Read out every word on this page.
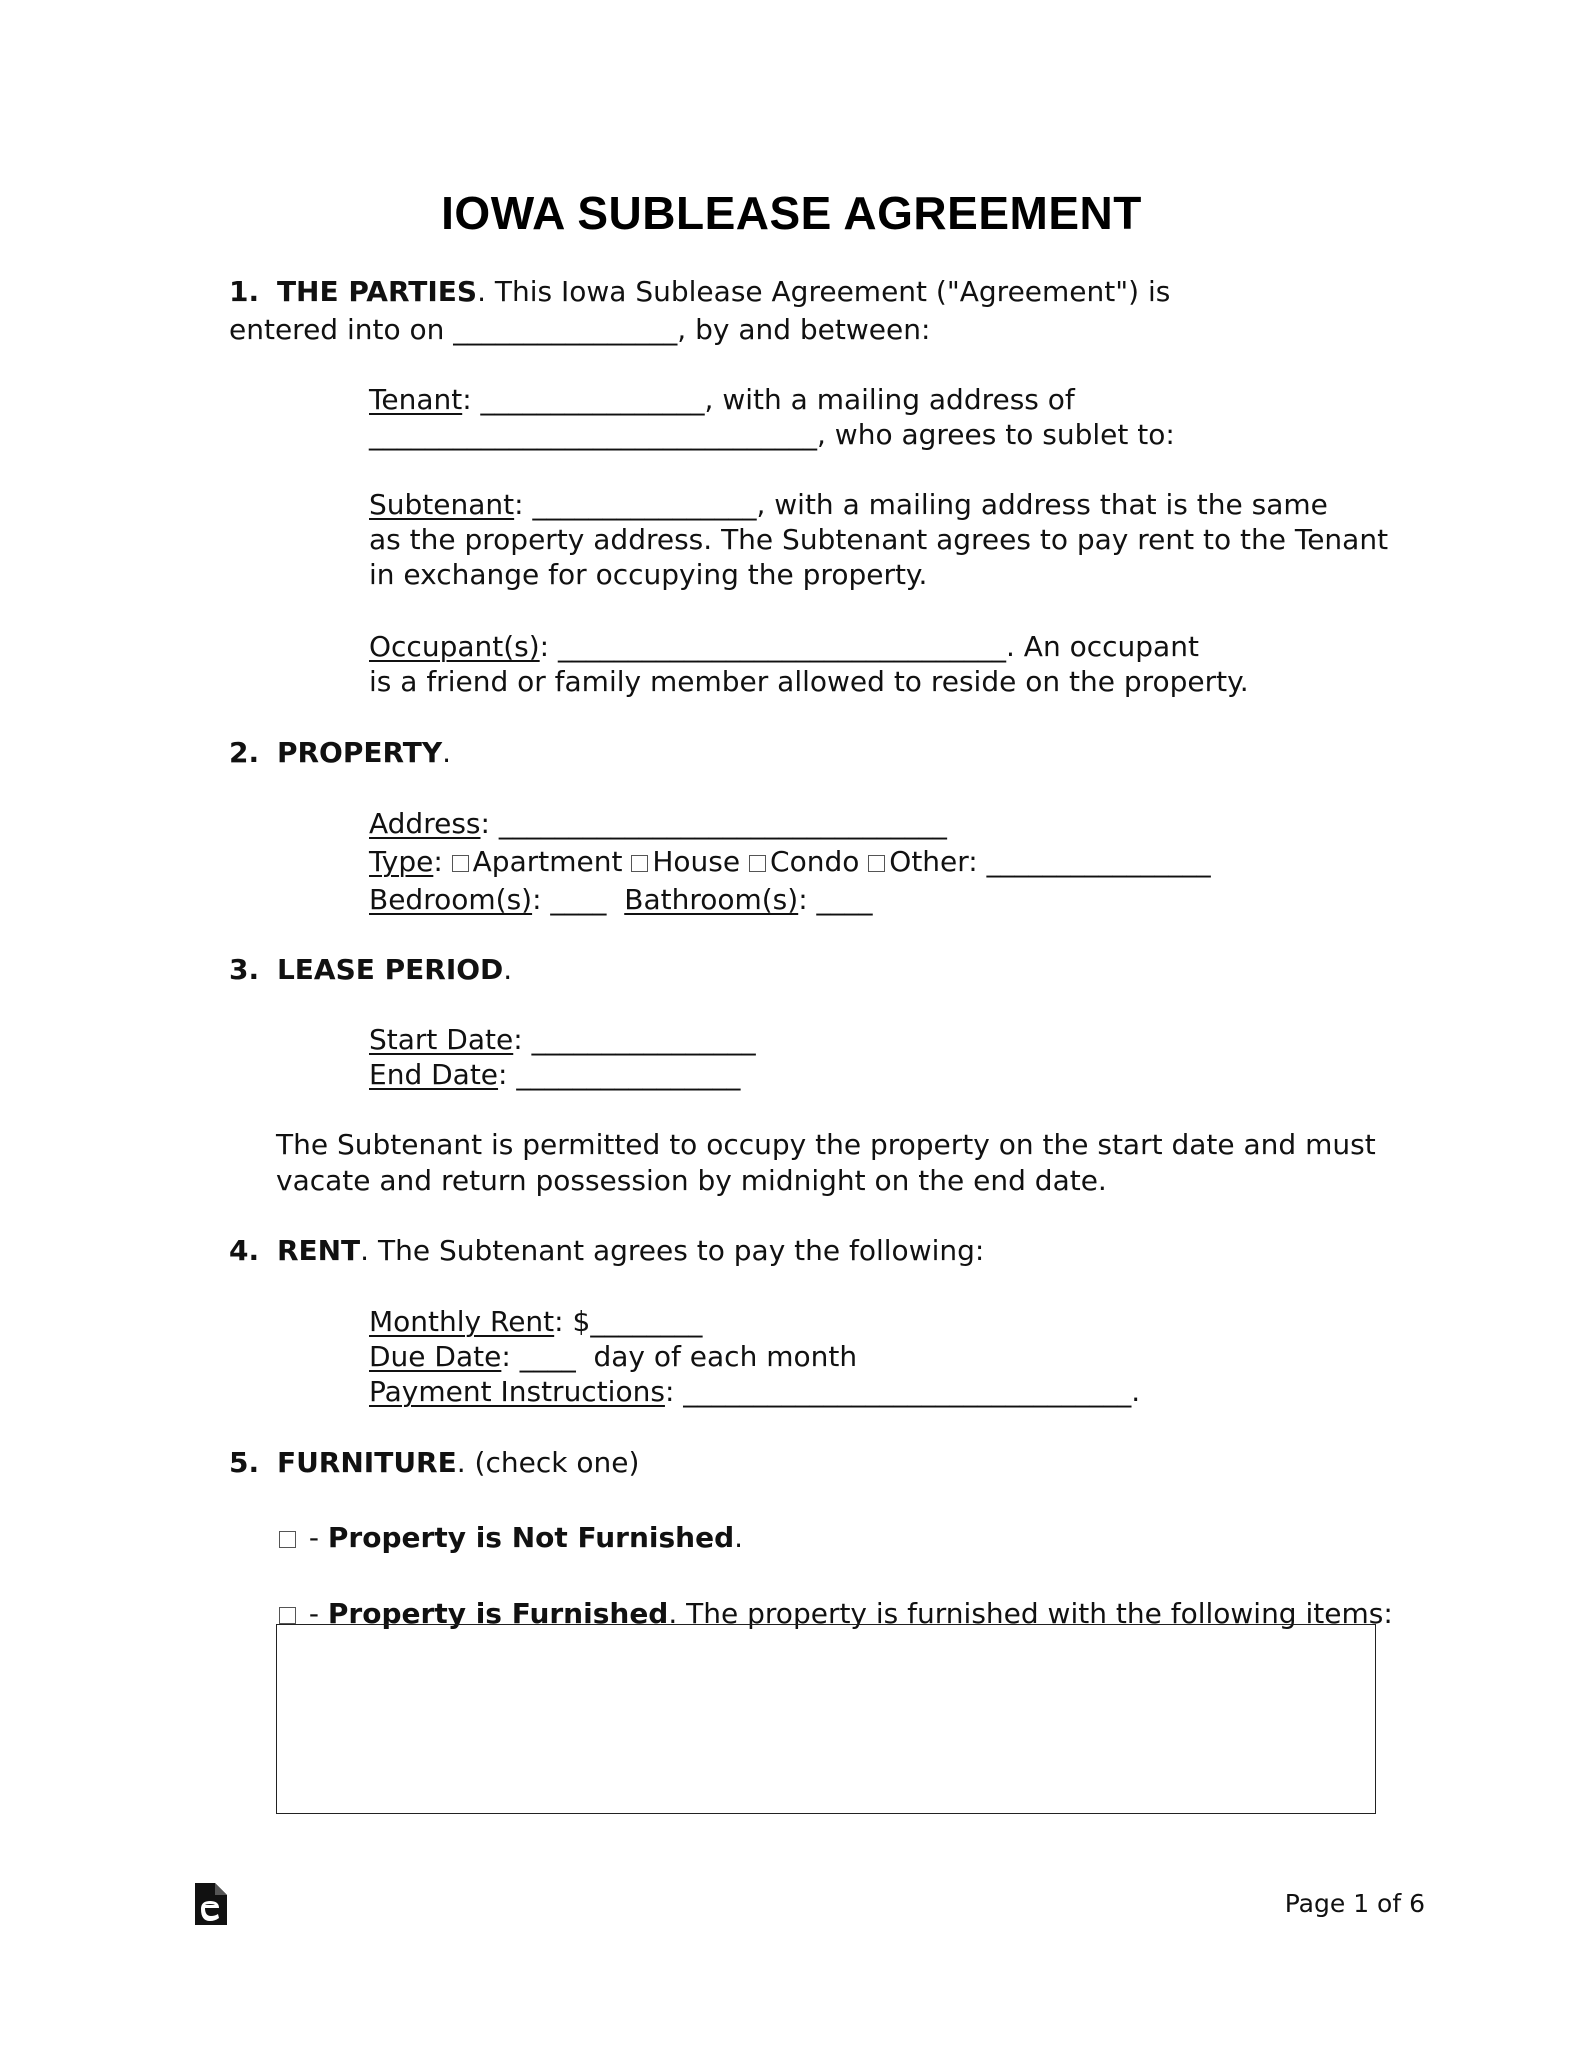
IOWA SUBLEASE AGREEMENT
1. THE PARTIES. This Iowa Sublease Agreement ("Agreement") is
entered into on ________________, by and between:
Tenant: ________________, with a mailing address of
________________________________, who agrees to sublet to:
Subtenant: ________________, with a mailing address that is the same
as the property address. The Subtenant agrees to pay rent to the Tenant
in exchange for occupying the property.
Occupant(s): ________________________________. An occupant
is a friend or family member allowed to reside on the property.
2. PROPERTY.
Address: ________________________________
Type: Apartment House Condo Other: ________________
Bedroom(s): ____ Bathroom(s): ____
3. LEASE PERIOD.
Start Date: ________________
End Date: ________________
The Subtenant is permitted to occupy the property on the start date and must
vacate and return possession by midnight on the end date.
4. RENT. The Subtenant agrees to pay the following:
Monthly Rent: $________
Due Date: ____  day of each month
Payment Instructions: ________________________________.
5. FURNITURE. (check one)
- Property is Not Furnished.
- Property is Furnished. The property is furnished with the following items:
Page 1 of 6
